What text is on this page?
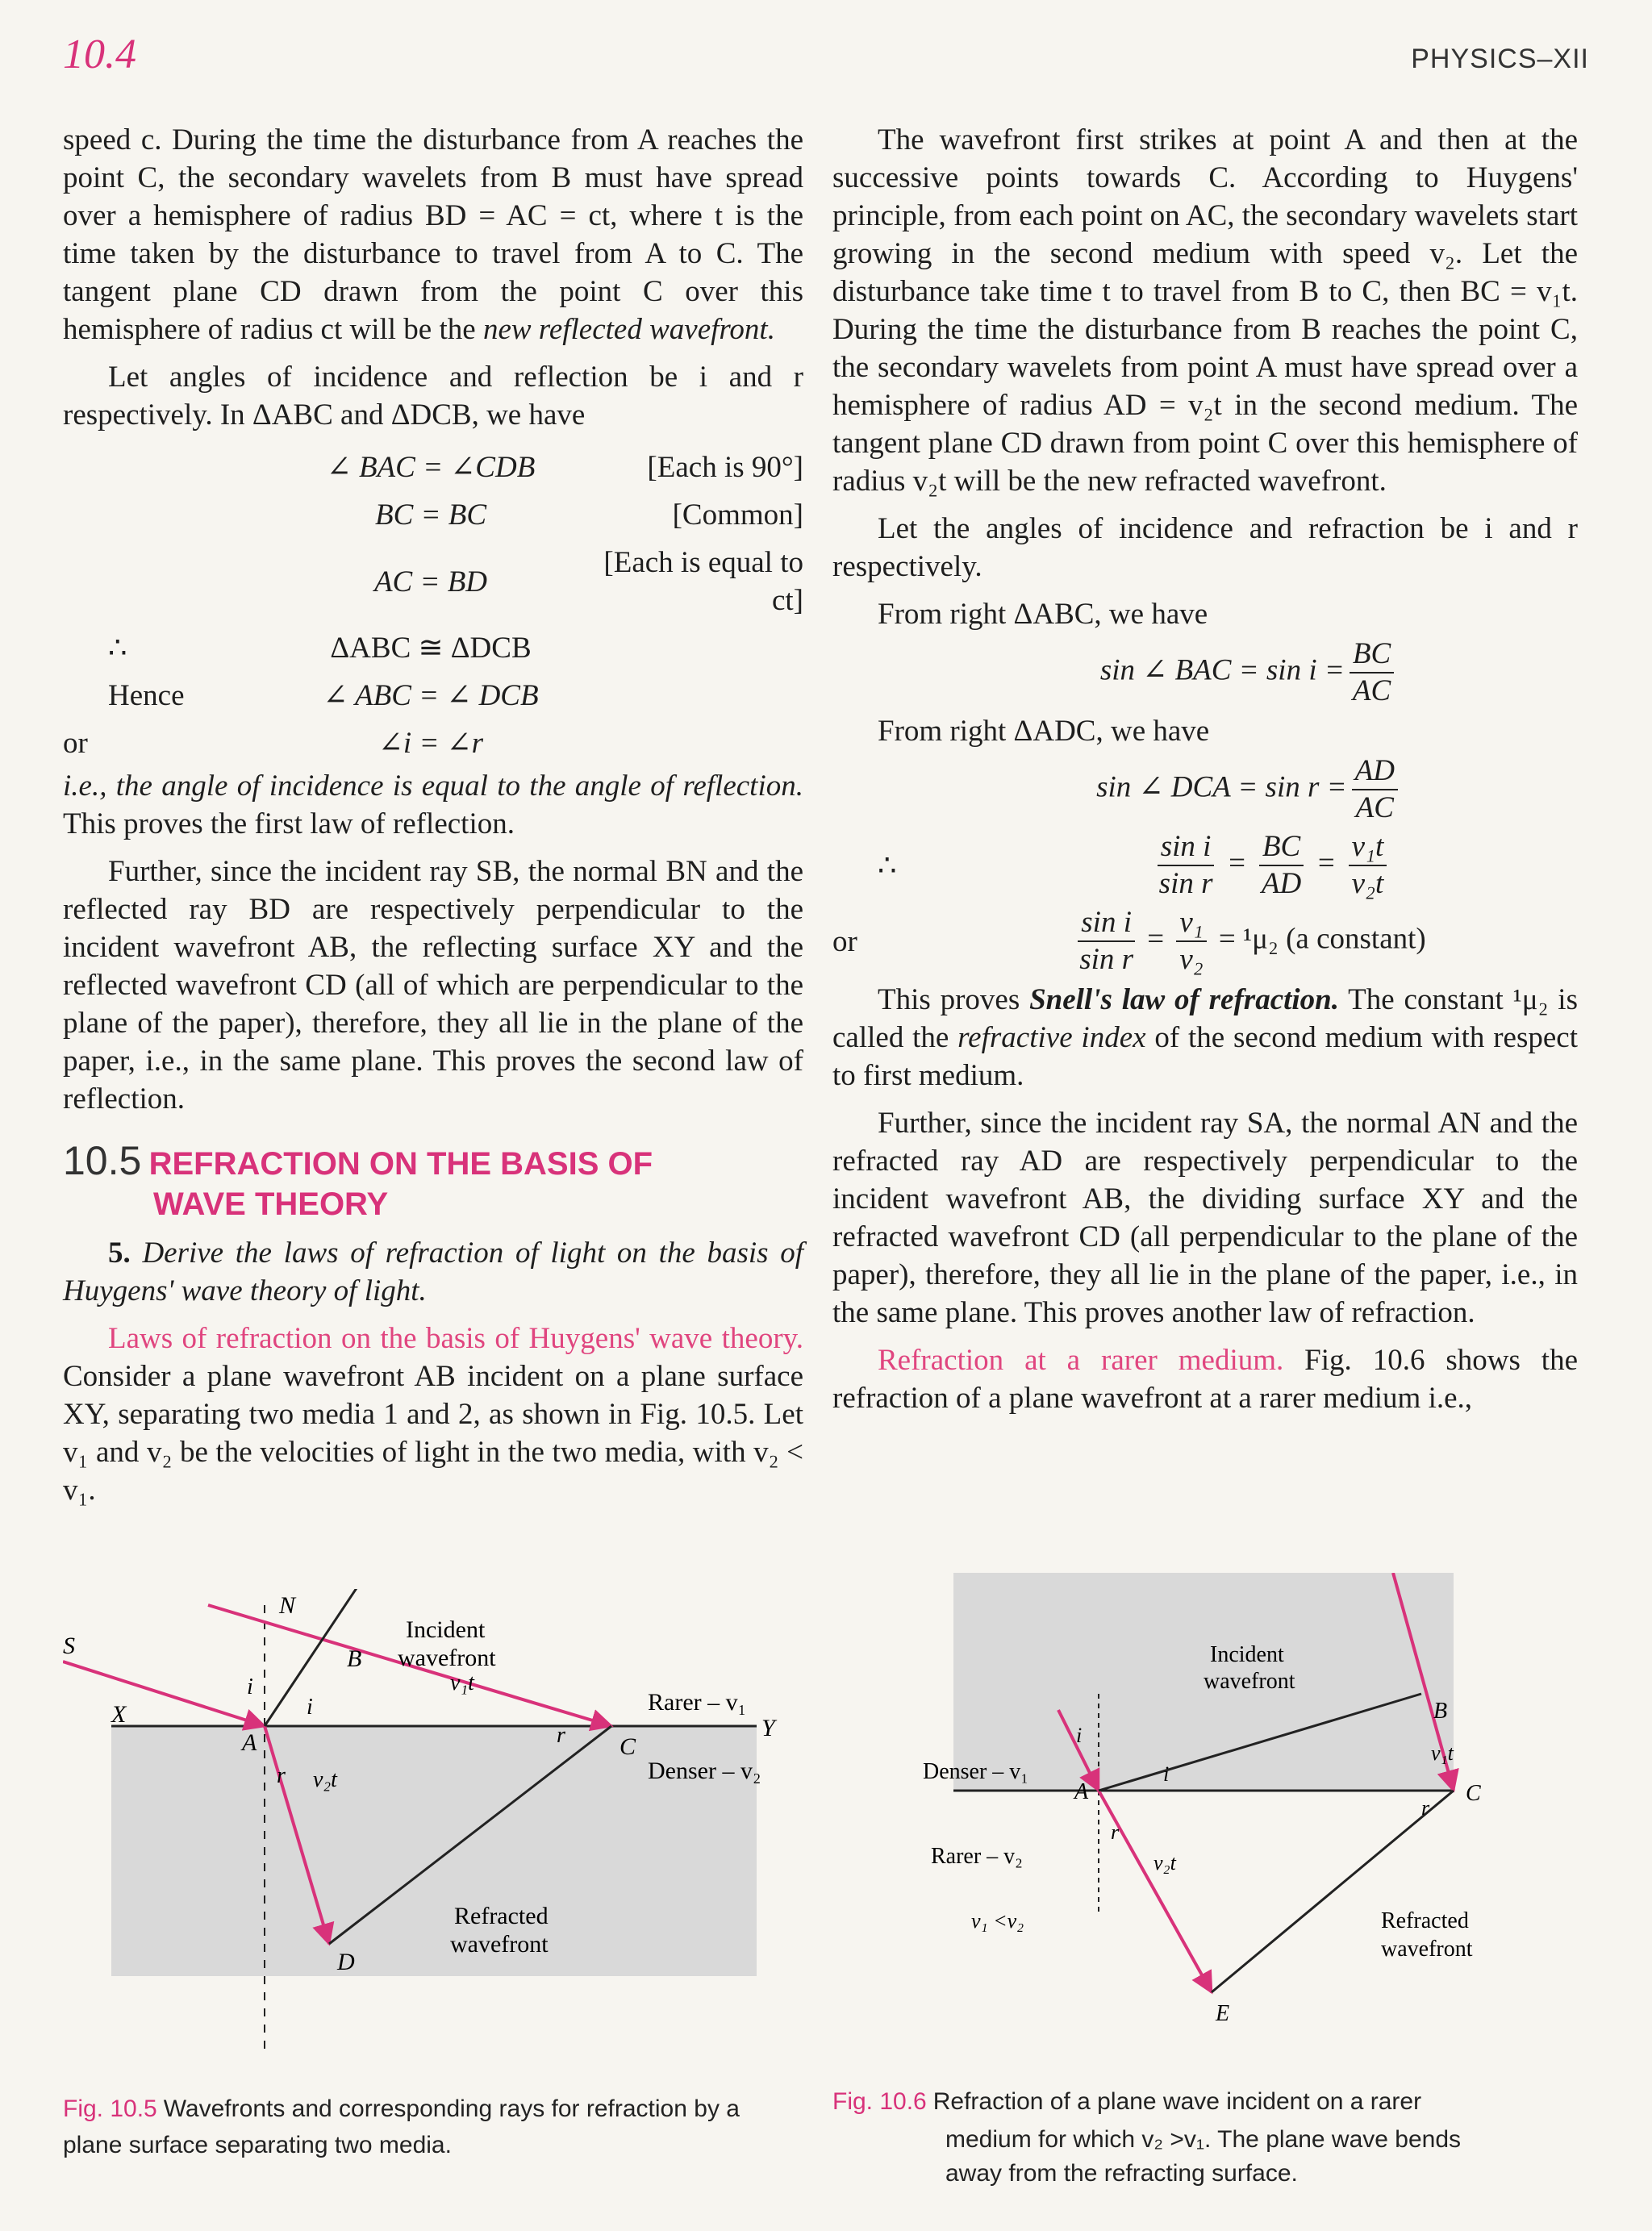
10.4	PHYSICS–XII

speed c. During the time the disturbance from A reaches the point C, the secondary wavelets from B must have spread over a hemisphere of radius BD = AC = ct, where t is the time taken by the disturbance to travel from A to C. The tangent plane CD drawn from the point C over this hemisphere of radius ct will be the new reflected wavefront.

Let angles of incidence and reflection be i and r respectively. In ΔABC and ΔDCB, we have

	∠ BAC = ∠CDB	[Each is 90°]
	BC = BC	[Common]
	AC = BD	[Each is equal to ct]
∴	ΔABC ≅ ΔDCB	
Hence	∠ ABC = ∠ DCB	
or	∠i = ∠r	

i.e., the angle of incidence is equal to the angle of reflection. This proves the first law of reflection.

Further, since the incident ray SB, the normal BN and the reflected ray BD are respectively perpendicular to the incident wavefront AB, the reflecting surface XY and the reflected wavefront CD (all of which are perpendicular to the plane of the paper), therefore, they all lie in the plane of the paper, i.e., in the same plane. This proves the second law of reflection.

10.5 REFRACTION ON THE BASIS OF
WAVE THEORY

5. Derive the laws of refraction of light on the basis of Huygens' wave theory of light.

Laws of refraction on the basis of Huygens' wave theory. Consider a plane wavefront AB incident on a plane surface XY, separating two media 1 and 2, as shown in Fig. 10.5. Let v₁ and v₂ be the velocities of light in the two media, with v₂ < v₁.

The wavefront first strikes at point A and then at the successive points towards C. According to Huygens' principle, from each point on AC, the secondary wavelets start growing in the second medium with speed v₂. Let the disturbance take time t to travel from B to C, then BC = v₁t. During the time the disturbance from B reaches the point C, the secondary wavelets from point A must have spread over a hemisphere of radius AD = v₂t in the second medium. The tangent plane CD drawn from point C over this hemisphere of radius v₂t will be the new refracted wavefront.

Let the angles of incidence and refraction be i and r respectively.

From right ΔABC, we have
sin ∠ BAC = $\sin i = \frac{BC}{AC}$
From right ΔADC, we have
sin ∠ DCA = $\sin r = \frac{AD}{AC}$
∴	$\frac{\text{sin i}}{\text{sin r}} = \frac{BC}{AD} = \frac{\text{v₁t}}{\text{v₂t}}$
or	$\frac{\text{sin i}}{\text{sin r}} = \frac{\text{v₁}}{\text{v₂}} = ^1\mu_2$ (a constant)

This proves Snell's law of refraction. The constant ¹μ₂ is called the refractive index of the second medium with respect to first medium.

Further, since the incident ray SA, the normal AN and the refracted ray AD are respectively perpendicular to the incident wavefront AB, the dividing surface XY and the refracted wavefront CD (all perpendicular to the plane of the paper), therefore, they all lie in the plane of the paper, i.e., in the same plane. This proves another law of refraction.

Refraction at a rarer medium. Fig. 10.6 shows the refraction of a plane wavefront at a rarer medium i.e.,

N
S
X
Y
A
B
C
D
i
i
r
r
Incident
wavefront
v₁t
v₂t
Rarer – v₁
Denser – v₂
Refracted
wavefront
Fig. 10.5 Wavefronts and corresponding rays for refraction by a plane surface separating two media.
A
B
C
E
i
i
r
r
Incident
wavefront
v₁t
v₂t
Denser – v₁
Rarer – v₂
v₁ <v₂	Refracted
wavefront
Fig. 10.6 Refraction of a plane wave incident on a rarer
medium for which v₂ >v₁. The plane wave bends
away from the refracting surface.
